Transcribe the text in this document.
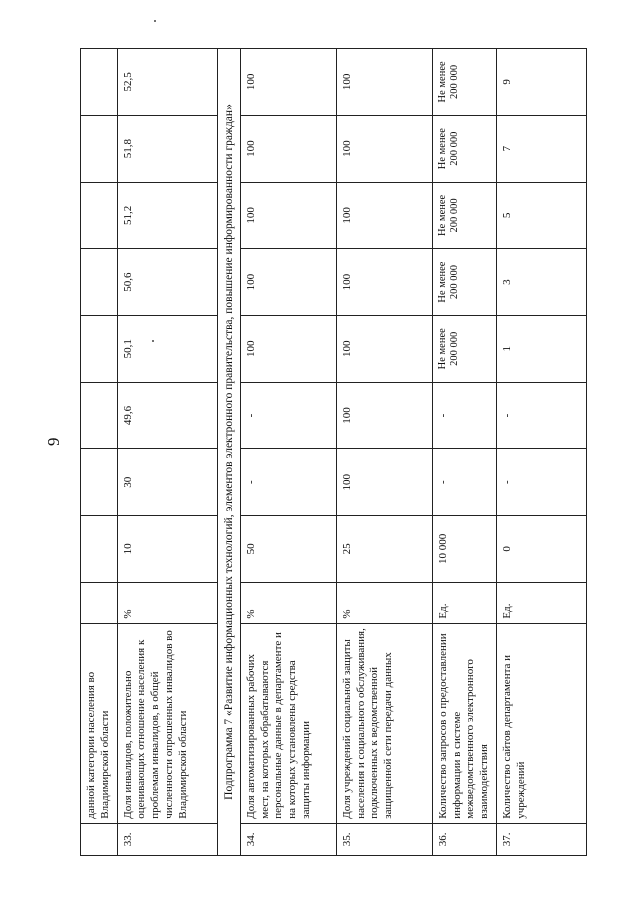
9
	данной категории населения во Владимирской области									
33.	Доля инвалидов, положительно оценивающих отношение населения к проблемам инвалидов, в общей численности опрошенных инвалидов во Владимирской области	%	10	30	49,6	50,1	50,6	51,2	51,8	52,5
Подпрограмма 7 «Развитие информационных технологий, элементов электронного правительства, повышение информированности граждан»										
34.	Доля автоматизированных рабочих мест, на которых обрабатываются персональные данные в департаменте и на которых установлены средства защиты информации	%	50	-	-	100	100	100	100	100
35.	Доля учреждений социальной защиты населения и социального обслуживания, подключенных к ведомственной защищенной сети передачи данных	%	25	100	100	100	100	100	100	100
36.	Количество запросов о предоставлении информации в системе межведомственного электронного взаимодействия	Ед.	10 000	-	-	Не менее 200 000	Не менее 200 000	Не менее 200 000	Не менее 200 000	Не менее 200 000
37.	Количество сайтов департамента и учреждений	Ед.	0	-	-	1	3	5	7	9
